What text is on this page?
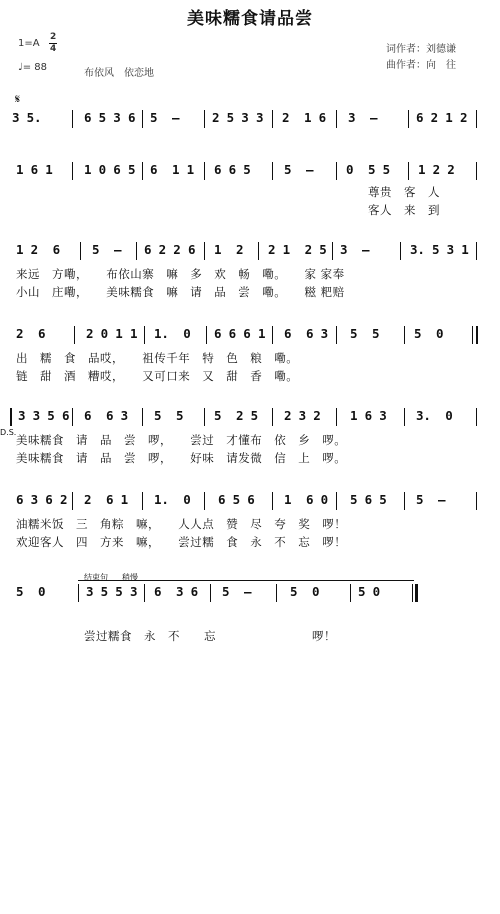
美味糯食请品尝
1=A
2
4
♩= 88
布依风　依恋地
词作者：刘德谦
曲作者：向　往
𝄋

3 5.

	6 5 3 6

5  –

	2 5 3 3

2  1 6

3  –

	6 2 1 2

1 6 1

	1 0 6 5

6  1 1

6 6 5

	5  –

	0  5 5

1 2 2

尊贵　客　人

客人　来　到

1 2  6

	5  –

6 2 2 6

1  2

2 1  2 5

3  –

	3. 5 3 1

来远　方嘞，　　布依山寨　嘛　多　欢　畅　嘞。　　家 家奉

小山　庄嘞，　　美味糯食　嘛　请　品　尝　嘞。　　糍 粑赔

2  6

	2 0 1 1

1.  0

6 6 6 1

6  6 3

5  5

	5  0

出　糯　食　品哎，　　祖传千年　特　色　粮　嘞。

链　甜　酒　糟哎，　　又可口来　又　甜　香　嘞。

3 3 5 6

6  6 3

5  5

5  2 5

2 3 2

1 6 3

3.  0

D.S.

美味糯食　请　品　尝　啰，　　尝过　才懂布　依　乡　啰。

美味糯食　请　品　尝　啰，　　好味　请发微　信　上　啰。

6 3 6 2

2  6 1

1.  0

6 5 6

1  6 0

5 6 5

5  –

油糯米饭　三　角粽　嘛，　　人人点　赞　尽　夸　奖　啰！

欢迎客人　四　方来　嘛，　　尝过糯　食　永　不　忘　啰！

结束句

稍慢

5  0

	3 5 5 3

6  3 6

5  –

	5  0

	5 0

尝过糯食　永　不　　忘　　　　　　　　啰！
